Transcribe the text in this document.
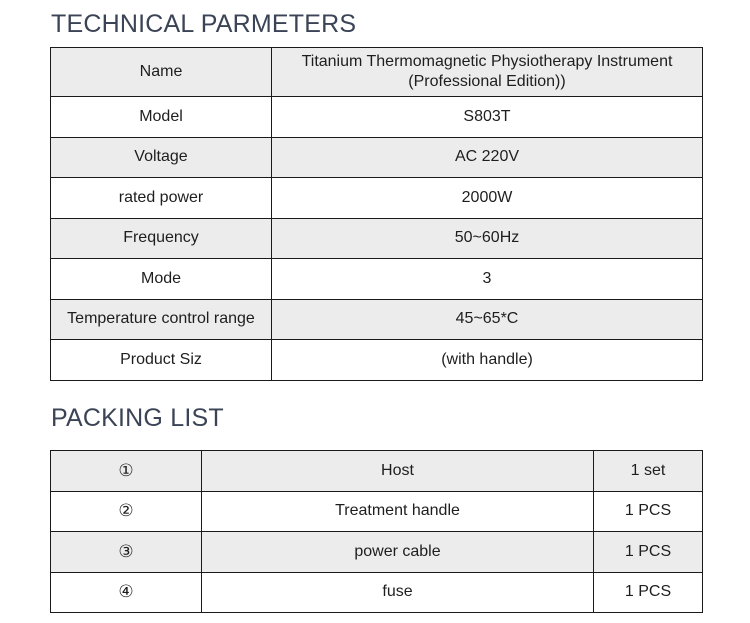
TECHNICAL PARMETERS
Name	Titanium Thermomagnetic Physiotherapy Instrument
(Professional Edition))
Model	S803T
Voltage	AC 220V
rated power	2000W
Frequency	50~60Hz
Mode	3
Temperature control range	45~65*C
Product Siz	(with handle)
PACKING LIST
①	Host	1 set
②	Treatment handle	1 PCS
③	power cable	1 PCS
④	fuse	1 PCS
